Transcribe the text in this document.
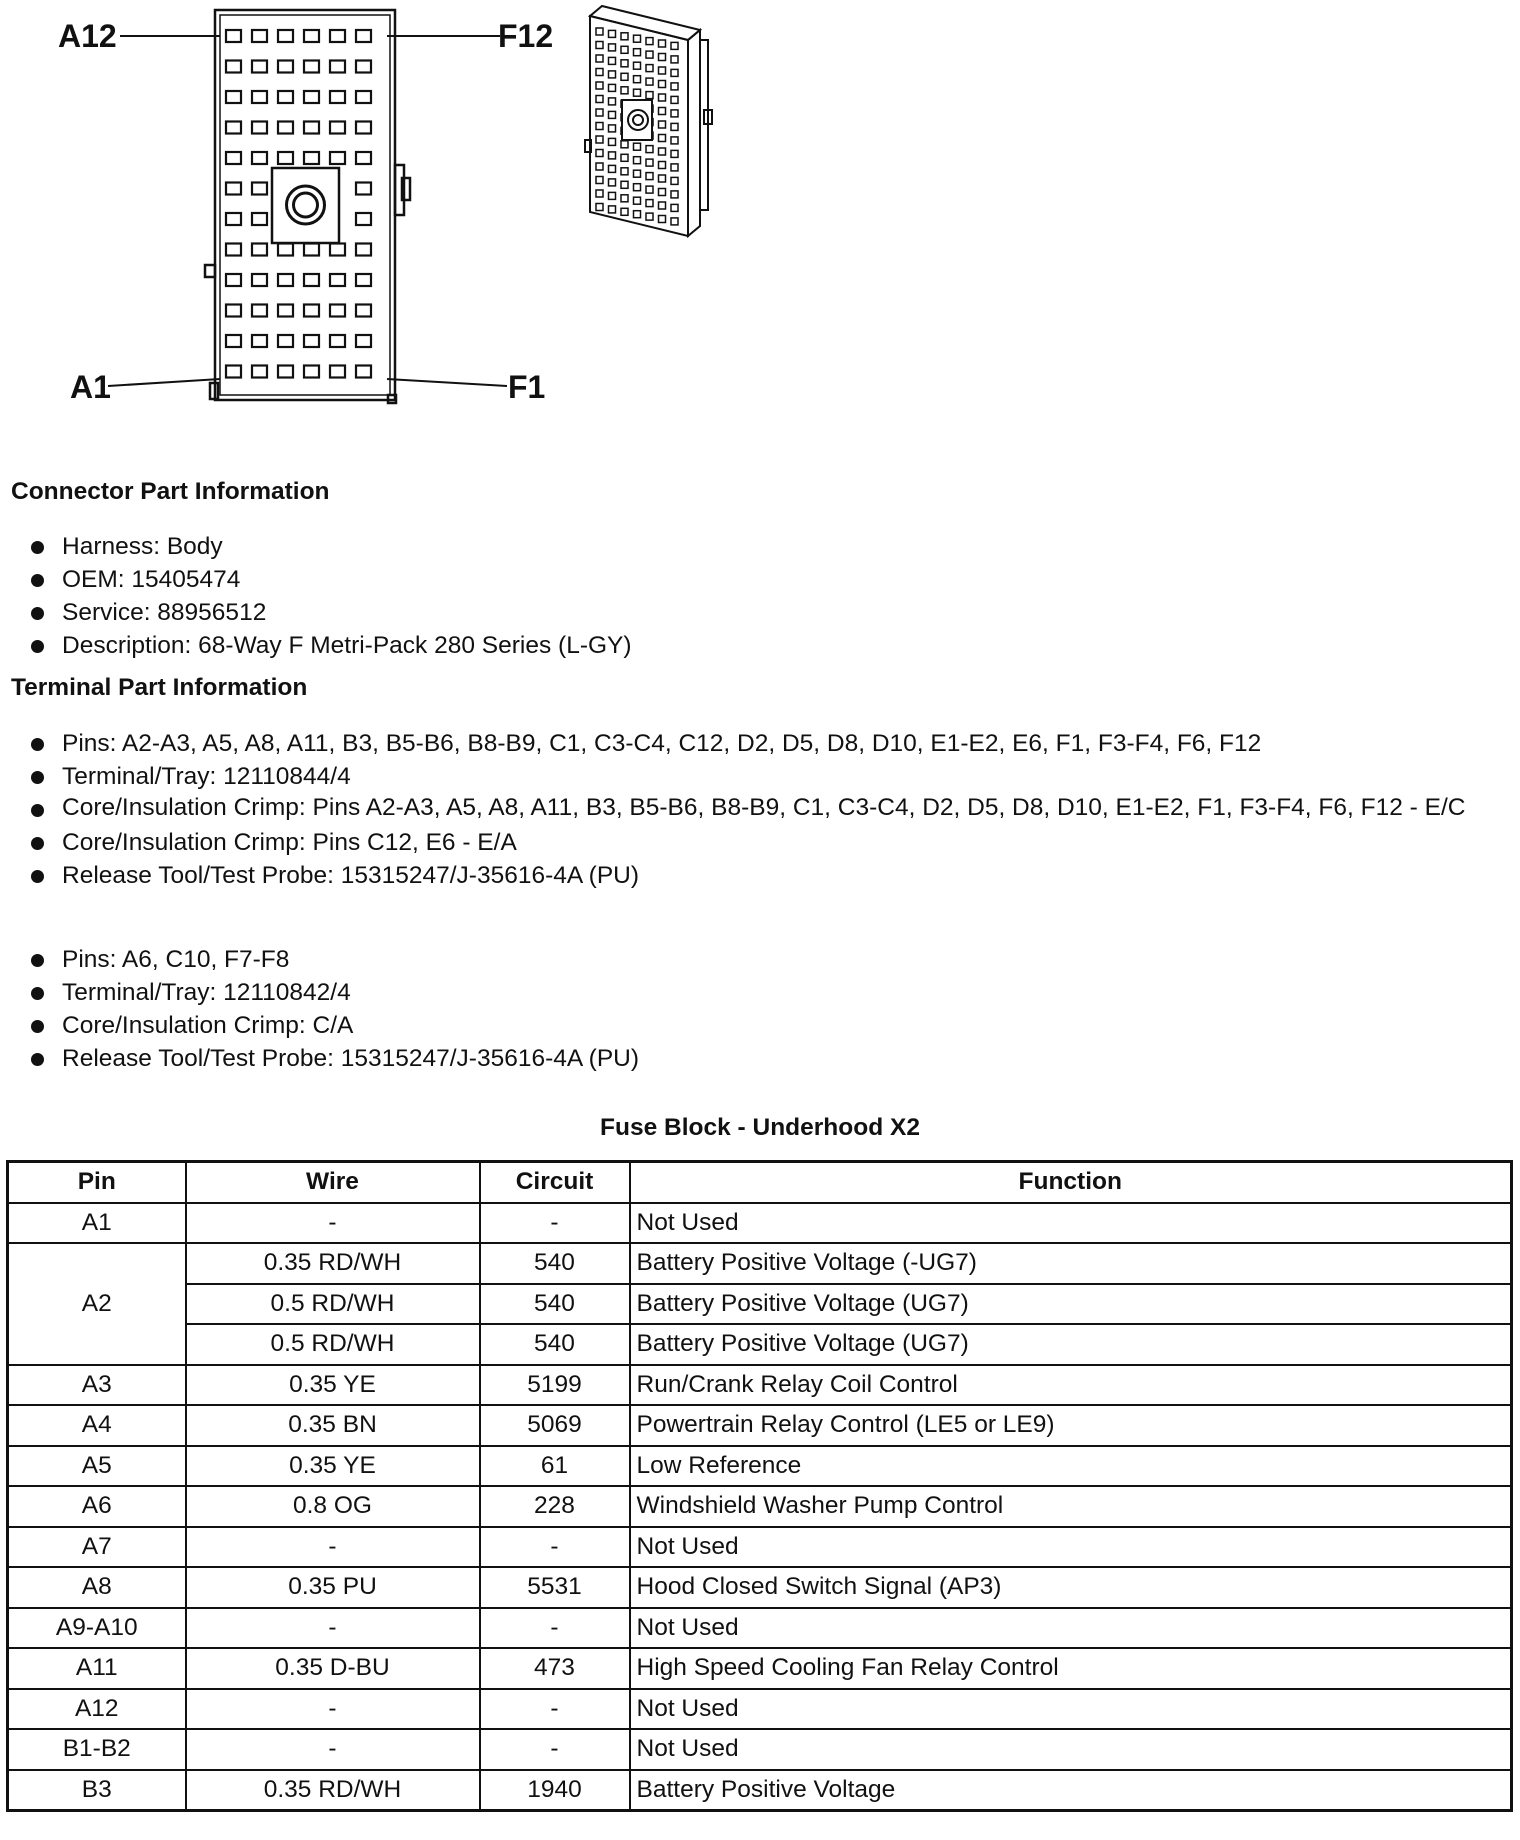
A12	F12
A1	F1
Connector Part Information
Harness: Body
OEM: 15405474
Service: 88956512
Description: 68-Way F Metri-Pack 280 Series (L-GY)
Terminal Part Information
Pins: A2-A3, A5, A8, A11, B3, B5-B6, B8-B9, C1, C3-C4, C12, D2, D5, D8, D10, E1-E2, E6, F1, F3-F4, F6, F12
Terminal/Tray: 12110844/4
Core/Insulation Crimp: Pins A2-A3, A5, A8, A11, B3, B5-B6, B8-B9, C1, C3-C4, D2, D5, D8, D10, E1-E2, F1, F3-F4, F6, F12 - E/C
Core/Insulation Crimp: Pins C12, E6 - E/A
Release Tool/Test Probe: 15315247/J-35616-4A (PU)
Pins: A6, C10, F7-F8
Terminal/Tray: 12110842/4
Core/Insulation Crimp: C/A
Release Tool/Test Probe: 15315247/J-35616-4A (PU)
Fuse Block - Underhood X2
Pin	Wire	Circuit	Function
A1	-	-	Not Used
A2	0.35 RD/WH	540	Battery Positive Voltage (-UG7)
	0.5 RD/WH	540	Battery Positive Voltage (UG7)
	0.5 RD/WH	540	Battery Positive Voltage (UG7)
A3	0.35 YE	5199	Run/Crank Relay Coil Control
A4	0.35 BN	5069	Powertrain Relay Control (LE5 or LE9)
A5	0.35 YE	61	Low Reference
A6	0.8 OG	228	Windshield Washer Pump Control
A7	-	-	Not Used
A8	0.35 PU	5531	Hood Closed Switch Signal (AP3)
A9-A10	-	-	Not Used
A11	0.35 D-BU	473	High Speed Cooling Fan Relay Control
A12	-	-	Not Used
B1-B2	-	-	Not Used
B3	0.35 RD/WH	1940	Battery Positive Voltage
